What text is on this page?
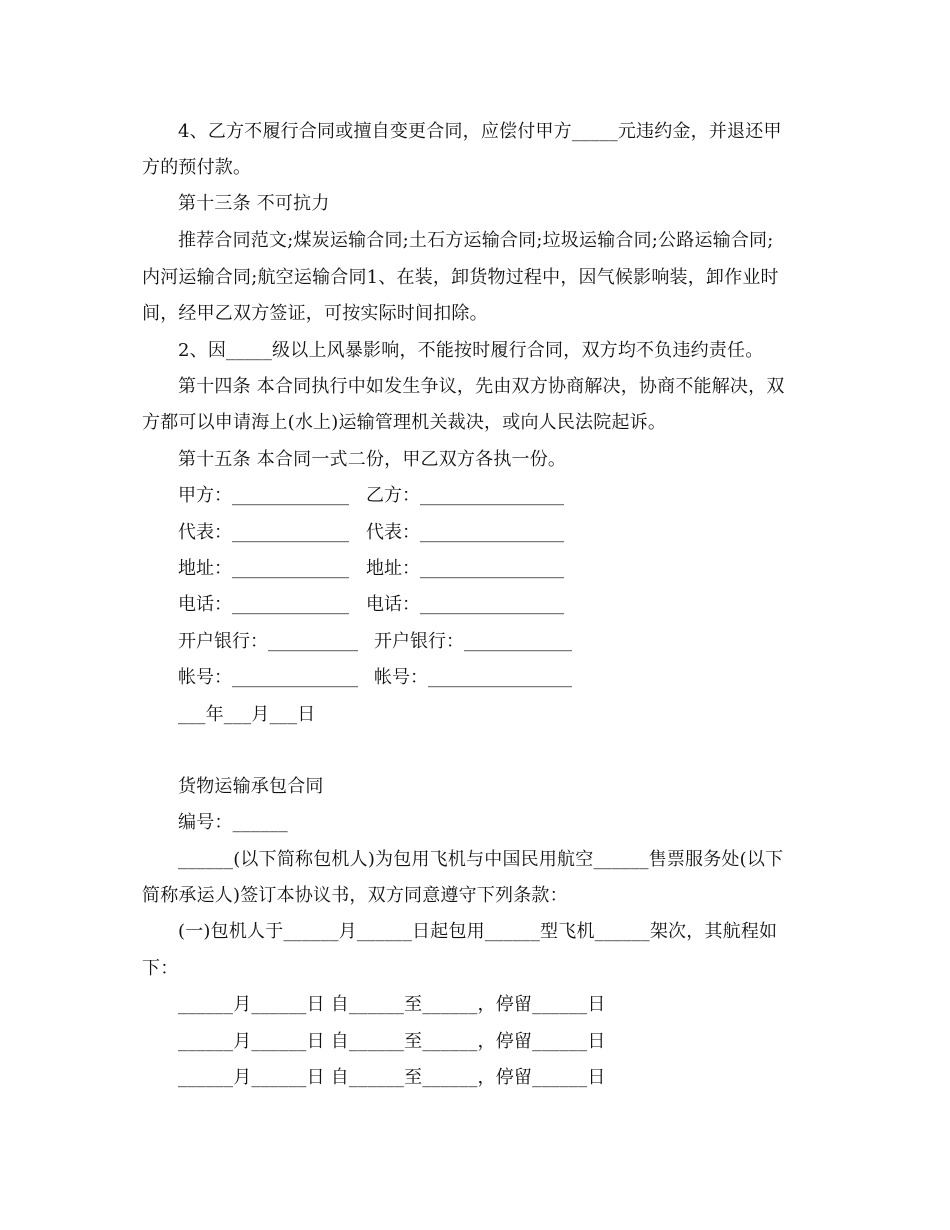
4、乙方不履行合同或擅自变更合同，应偿付甲方_____元违约金，并退还甲
方的预付款。
第十三条 不可抗力
推荐合同范文;煤炭运输合同;土石方运输合同;垃圾运输合同;公路运输合同;
内河运输合同;航空运输合同1、在装，卸货物过程中，因气候影响装，卸作业时
间，经甲乙双方签证，可按实际时间扣除。
2、因_____级以上风暴影响，不能按时履行合同，双方均不负违约责任。
第十四条 本合同执行中如发生争议，先由双方协商解决，协商不能解决，双
方都可以申请海上(水上)运输管理机关裁决，或向人民法院起诉。
第十五条 本合同一式二份，甲乙双方各执一份。
甲方：_____________ 乙方：________________
代表：_____________ 代表：________________
地址：_____________ 地址：________________
电话：_____________ 电话：________________
开户银行：__________ 开户银行：____________
帐号：______________ 帐号：________________
___年___月___日
货物运输承包合同
编号：______
______(以下简称包机人)为包用飞机与中国民用航空______售票服务处(以下
简称承运人)签订本协议书，双方同意遵守下列条款：
(一)包机人于______月______日起包用______型飞机______架次，其航程如
下：
______月______日 自______至______，停留______日
______月______日 自______至______，停留______日
______月______日 自______至______，停留______日
